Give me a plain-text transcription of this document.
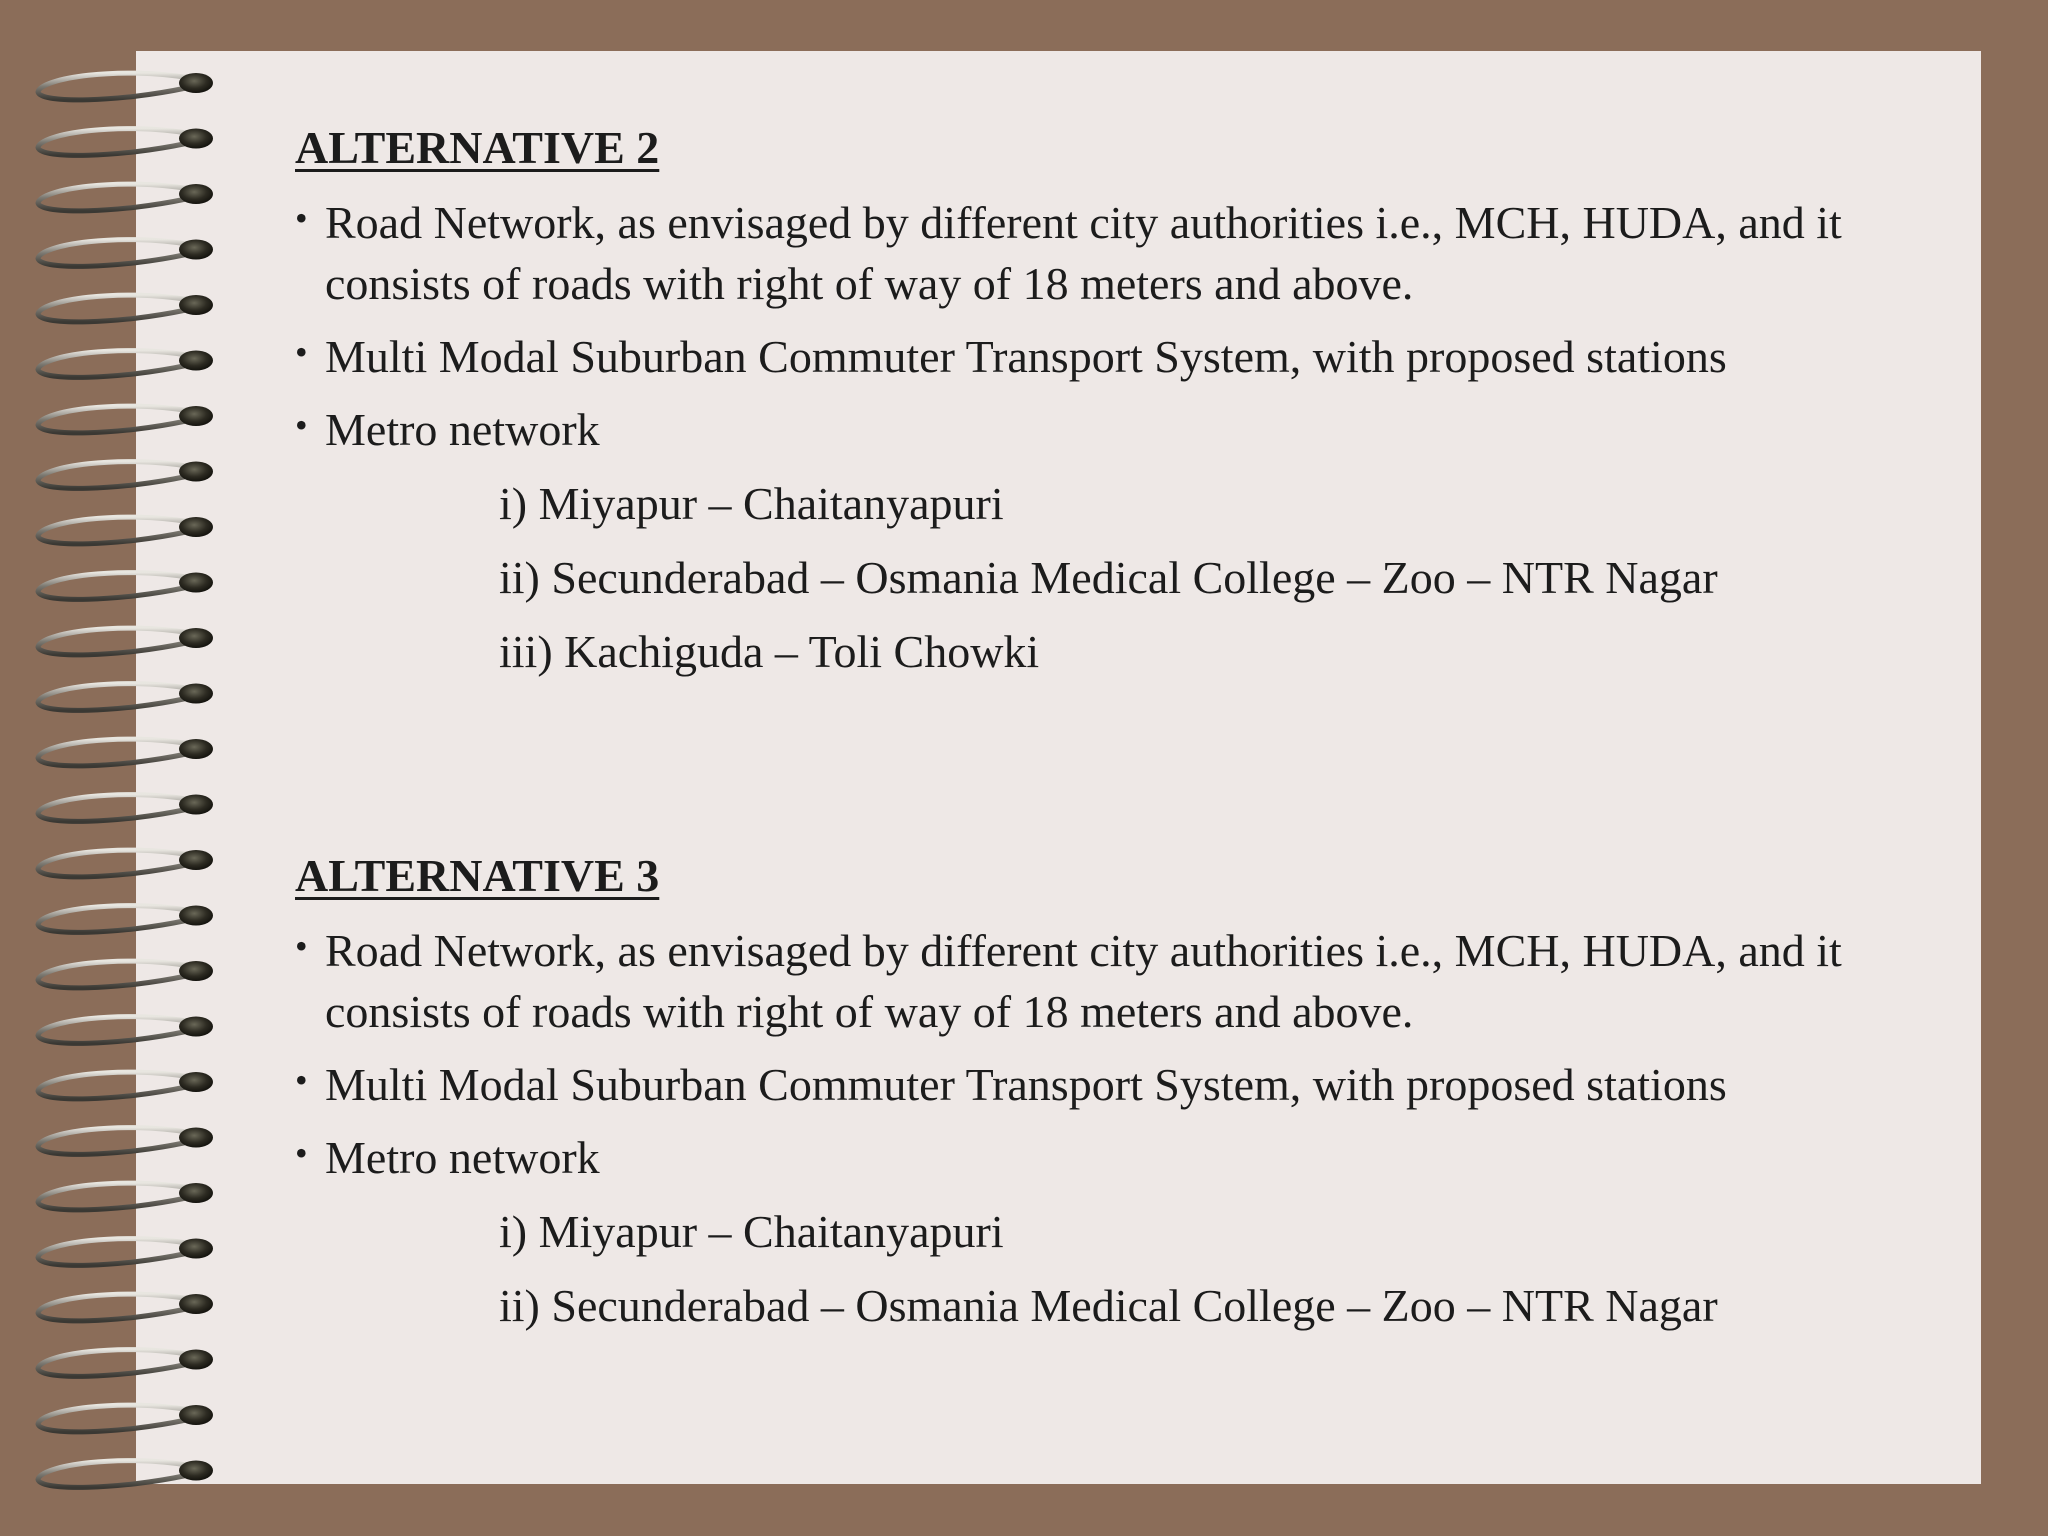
ALTERNATIVE 2
• Road Network, as envisaged by different city authorities i.e., MCH, HUDA, and it consists of roads with right of way of 18 meters and above.
• Multi Modal Suburban Commuter Transport System, with proposed stations
• Metro network
i) Miyapur – Chaitanyapuri
ii) Secunderabad – Osmania Medical College – Zoo – NTR Nagar
iii) Kachiguda – Toli Chowki
ALTERNATIVE 3
• Road Network, as envisaged by different city authorities i.e., MCH, HUDA, and it consists of roads with right of way of 18 meters and above.
• Multi Modal Suburban Commuter Transport System, with proposed stations
• Metro network
i) Miyapur – Chaitanyapuri
ii) Secunderabad – Osmania Medical College – Zoo – NTR Nagar
